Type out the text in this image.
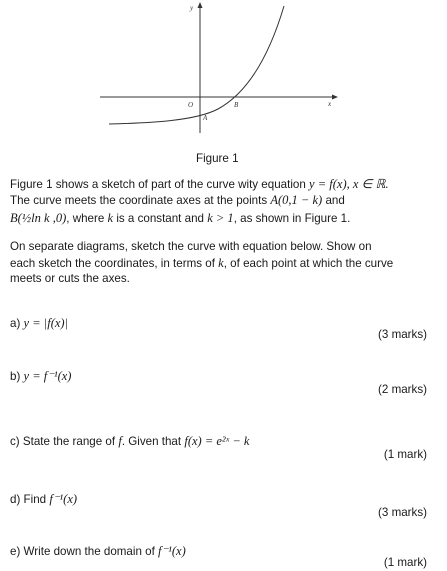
y
x
O
A
B
Figure 1
Figure 1 shows a sketch of part of the curve wity equation y = f(x), x ∈ ℝ.
The curve meets the coordinate axes at the points A(0,1 − k) and
B(½ln k ,0), where k is a constant and k > 1, as shown in Figure 1.
On separate diagrams, sketch the curve with equation below. Show on
each sketch the coordinates, in terms of k, of each point at which the curve
meets or cuts the axes.
a) y = |f(x)|
(3 marks)
b) y = f⁻¹(x)
(2 marks)
c) State the range of f. Given that f(x) = e²ˣ − k
(1 mark)
d) Find f⁻¹(x)
(3 marks)
e) Write down the domain of f⁻¹(x)
(1 mark)
